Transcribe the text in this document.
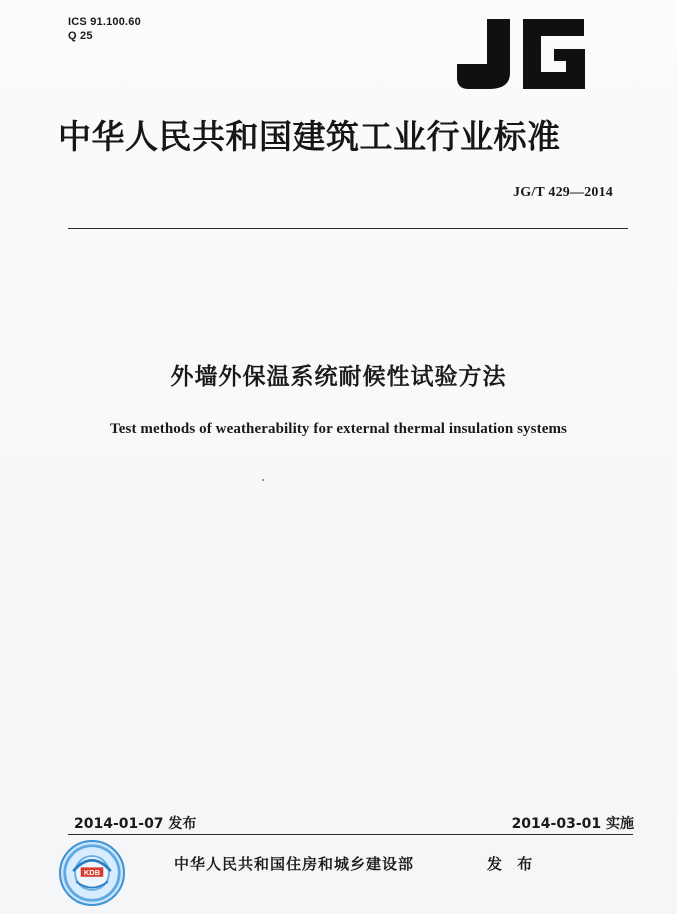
ICS 91.100.60
Q 25
中华人民共和国建筑工业行业标准
JG/T 429—2014
外墙外保温系统耐候性试验方法
Test methods of weatherability for external thermal insulation systems
2014-01-07 发布	2014-03-01 实施
KDB	中华人民共和国住房和城乡建设部	发 布
